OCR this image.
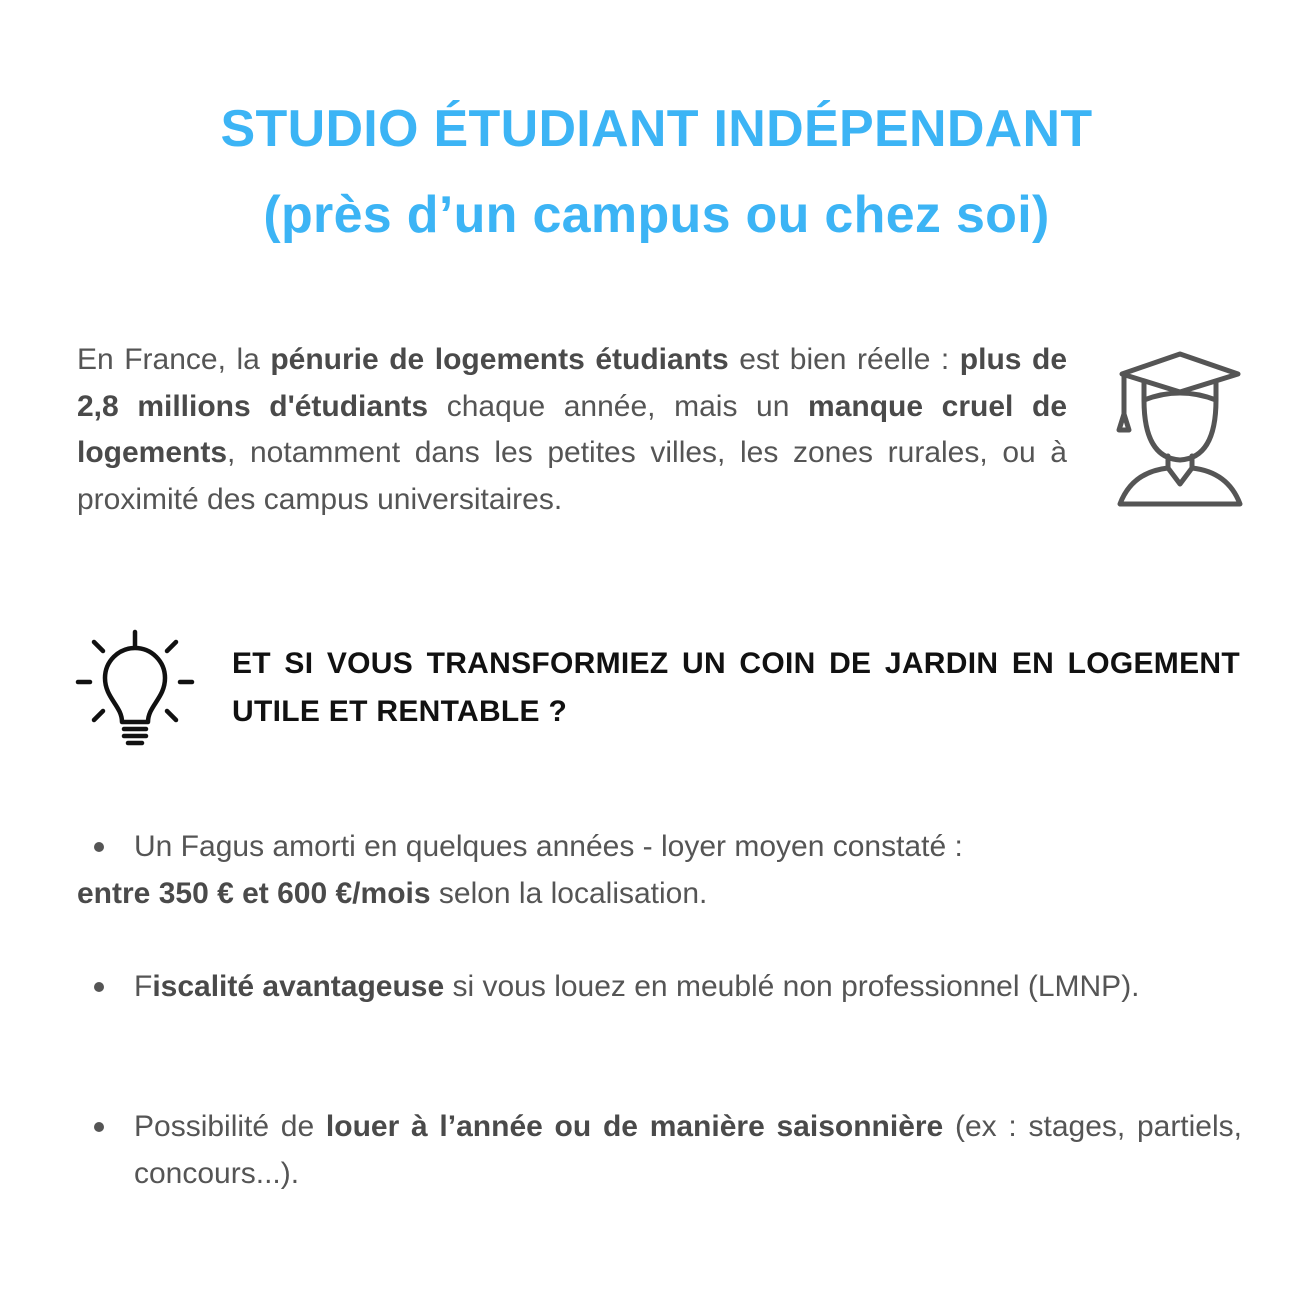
STUDIO ÉTUDIANT INDÉPENDANT
(près d’un campus ou chez soi)
En France, la pénurie de logements étudiants est bien réelle : plus de 2,8 millions d'étudiants chaque année, mais un manque cruel de logements, notamment dans les petites villes, les zones rurales, ou à proximité des campus universitaires.
ET SI VOUS TRANSFORMIEZ UN COIN DE JARDIN EN LOGEMENT UTILE ET RENTABLE ?
Un Fagus amorti en quelques années - loyer moyen constaté :
entre 350 € et 600 €/mois selon la localisation.
Fiscalité avantageuse si vous louez en meublé non professionnel (LMNP).
Possibilité de louer à l’année ou de manière saisonnière (ex : stages, partiels, concours...).
